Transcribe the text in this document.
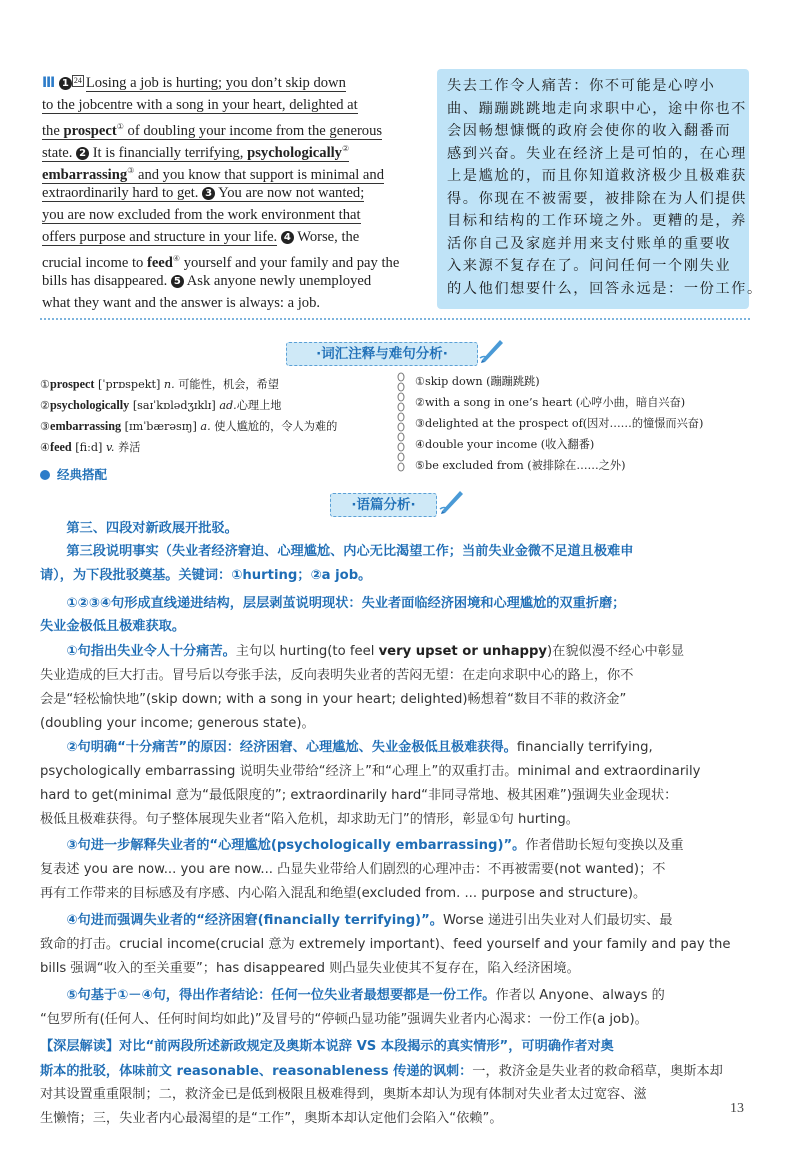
Ⅲ 1 24 Losing a job is hurting; you don’t skip down
to the jobcentre with a song in your heart, delighted at
the prospect① of doubling your income from the generous
state. 2 It is financially terrifying, psychologically②
embarrassing③ and you know that support is minimal and
extraordinarily hard to get. 3 You are now not wanted;
you are now excluded from the work environment that
offers purpose and structure in your life. 4 Worse, the
crucial income to feed④ yourself and your family and pay the
bills has disappeared. 5 Ask anyone newly unemployed
what they want and the answer is always: a job.
失去工作令人痛苦：你不可能是心哼小
曲、蹦蹦跳跳地走向求职中心，途中你也不
会因畅想慷慨的政府会使你的收入翻番而
感到兴奋。失业在经济上是可怕的，在心理
上是尴尬的，而且你知道救济极少且极难获
得。你现在不被需要，被排除在为人们提供
目标和结构的工作环境之外。更糟的是，养
活你自己及家庭并用来支付账单的重要收
入来源不复存在了。问问任何一个刚失业
的人他们想要什么，回答永远是：一份工作。
·词汇注释与难句分析·
①prospect [ˈprɒspekt] n. 可能性，机会，希望
②psychologically [saɪˈkɒlədʒɪklɪ] ad.心理上地
③embarrassing [ɪmˈbærəsɪŋ] a. 使人尴尬的，令人为难的
④feed [fiːd] v. 养活
①skip down (蹦蹦跳跳)
②with a song in one’s heart (心哼小曲，暗自兴奋)
③delighted at the prospect of(因对……的憧憬而兴奋)
④double your income (收入翻番)
⑤be excluded from (被排除在……之外)
经典搭配
·语篇分析·
　　第三、四段对新政展开批驳。
　　第三段说明事实（失业者经济窘迫、心理尴尬、内心无比渴望工作；当前失业金微不足道且极难申
请），为下段批驳奠基。关键词：①hurting；②a job。
　　①②③④句形成直线递进结构，层层剥茧说明现状：失业者面临经济困境和心理尴尬的双重折磨；
失业金极低且极难获取。
　　①句指出失业令人十分痛苦。主句以 hurting(to feel very upset or unhappy)在貌似漫不经心中彰显
失业造成的巨大打击。冒号后以夸张手法，反向表明失业者的苦闷无望：在走向求职中心的路上，你不
会是“轻松愉快地”(skip down; with a song in your heart; delighted)畅想着“数目不菲的救济金”
(doubling your income; generous state)。
　　②句明确“十分痛苦”的原因：经济困窘、心理尴尬、失业金极低且极难获得。financially terrifying,
psychologically embarrassing 说明失业带给“经济上”和“心理上”的双重打击。minimal and extraordinarily
hard to get(minimal 意为“最低限度的”; extraordinarily hard“非同寻常地、极其困难”)强调失业金现状：
极低且极难获得。句子整体展现失业者“陷入危机，却求助无门”的情形，彰显①句 hurting。
　　③句进一步解释失业者的“心理尴尬(psychologically embarrassing)”。作者借助长短句变换以及重
复表述 you are now... you are now... 凸显失业带给人们剧烈的心理冲击：不再被需要(not wanted)；不
再有工作带来的目标感及有序感、内心陷入混乱和绝望(excluded from. ... purpose and structure)。
　　④句进而强调失业者的“经济困窘(financially terrifying)”。Worse 递进引出失业对人们最切实、最
致命的打击。crucial income(crucial 意为 extremely important)、feed yourself and your family and pay the
bills 强调“收入的至关重要”；has disappeared 则凸显失业使其不复存在，陷入经济困境。
　　⑤句基于①－④句，得出作者结论：任何一位失业者最想要都是一份工作。作者以 Anyone、always 的
“包罗所有(任何人、任何时间均如此)”及冒号的“停顿凸显功能”强调失业者内心渴求：一份工作(a job)。
【深层解读】对比“前两段所述新政规定及奥斯本说辞 VS 本段揭示的真实情形”，可明确作者对奥
斯本的批驳，体味前文 reasonable、reasonableness 传递的讽刺：一，救济金是失业者的救命稻草，奥斯本却
对其设置重重限制；二，救济金已是低到极限且极难得到，奥斯本却认为现有体制对失业者太过宽容、滋
生懒惰；三，失业者内心最渴望的是“工作”，奥斯本却认定他们会陷入“依赖”。
13
